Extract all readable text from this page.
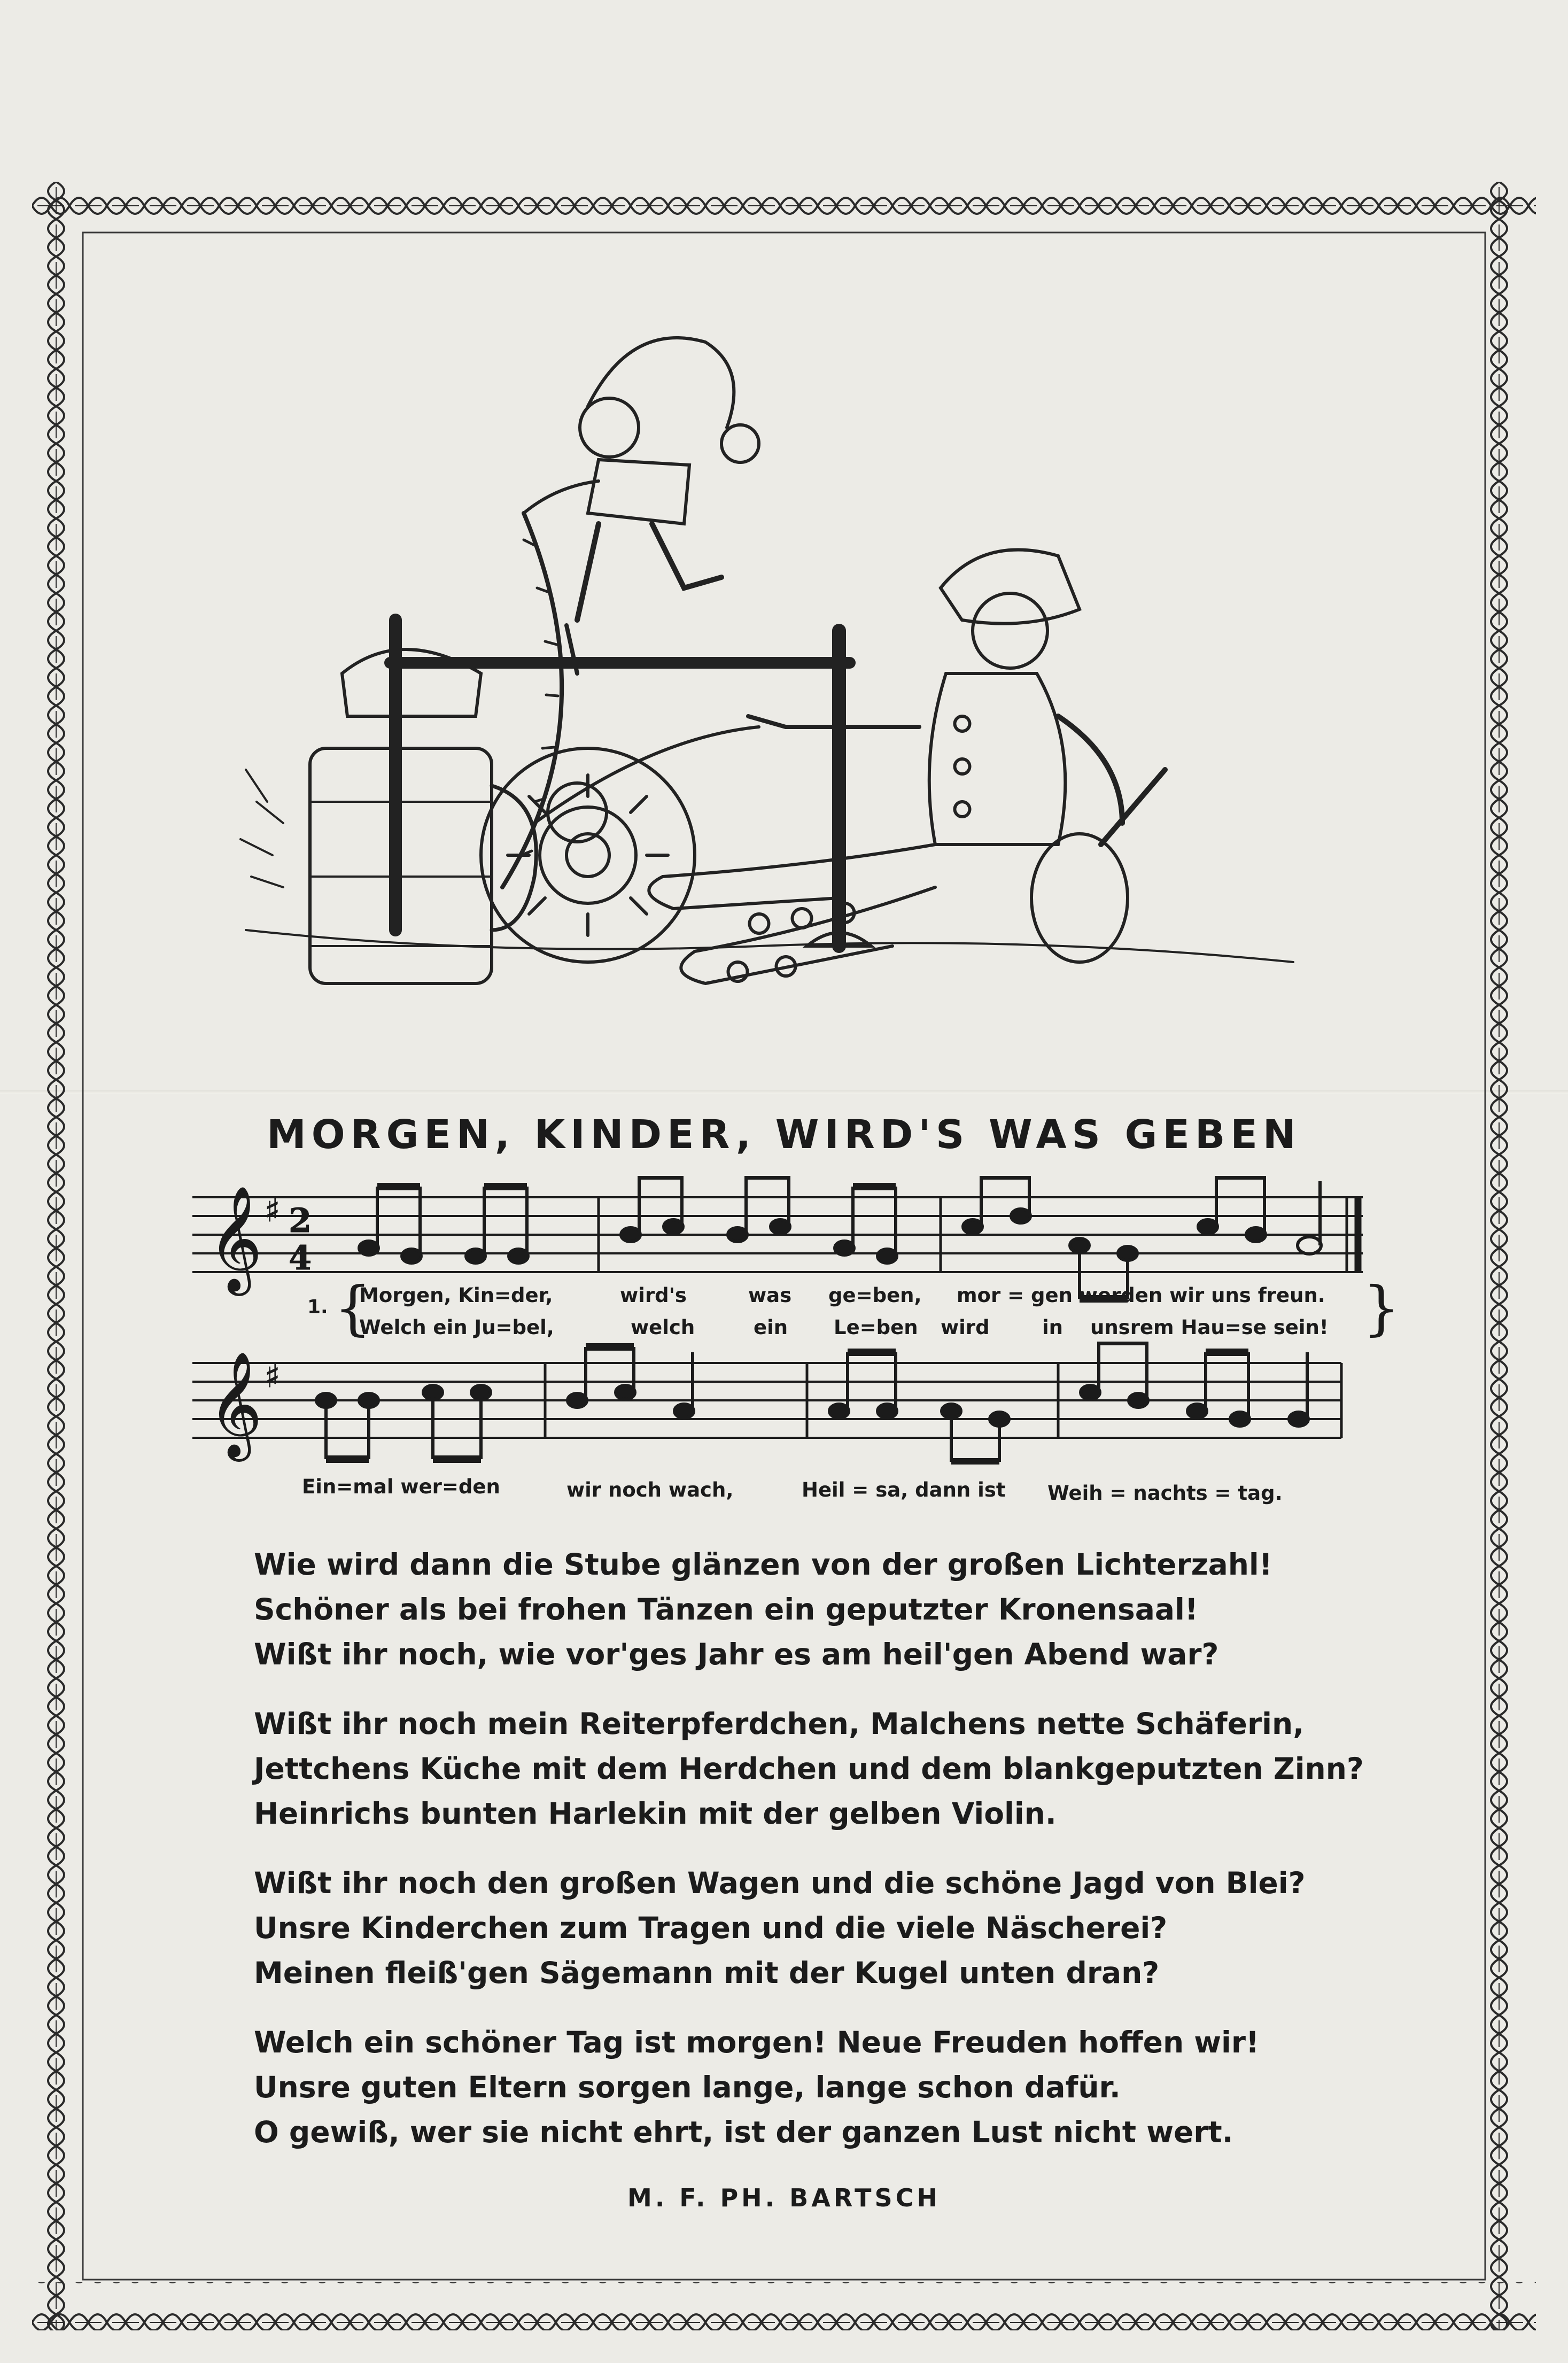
MORGEN, KINDER, WIRD'S WAS GEBEN
𝄞 ♯ 2
4
1. {	}

Morgen, Kin=der,	wird's	was ge=ben, mor = gen werden wir uns freun.

Welch ein Ju=bel,	welch	ein Le=ben wird	in unsrem Hau=se sein!

𝄞 ♯

Ein=mal wer=den	wir noch wach,	Heil = sa, dann ist Weih = nachts = tag.

Wie wird dann die Stube glänzen von der großen Lichterzahl!

Schöner als bei frohen Tänzen ein geputzter Kronensaal!

Wißt ihr noch, wie vor'ges Jahr es am heil'gen Abend war?

Wißt ihr noch mein Reiterpferdchen, Malchens nette Schäferin,

Jettchens Küche mit dem Herdchen und dem blankgeputzten Zinn?

Heinrichs bunten Harlekin mit der gelben Violin.

Wißt ihr noch den großen Wagen und die schöne Jagd von Blei?

Unsre Kinderchen zum Tragen und die viele Näscherei?

Meinen fleiß'gen Sägemann mit der Kugel unten dran?

Welch ein schöner Tag ist morgen! Neue Freuden hoffen wir!

Unsre guten Eltern sorgen lange, lange schon dafür.

O gewiß, wer sie nicht ehrt, ist der ganzen Lust nicht wert.

M. F. PH. BARTSCH
